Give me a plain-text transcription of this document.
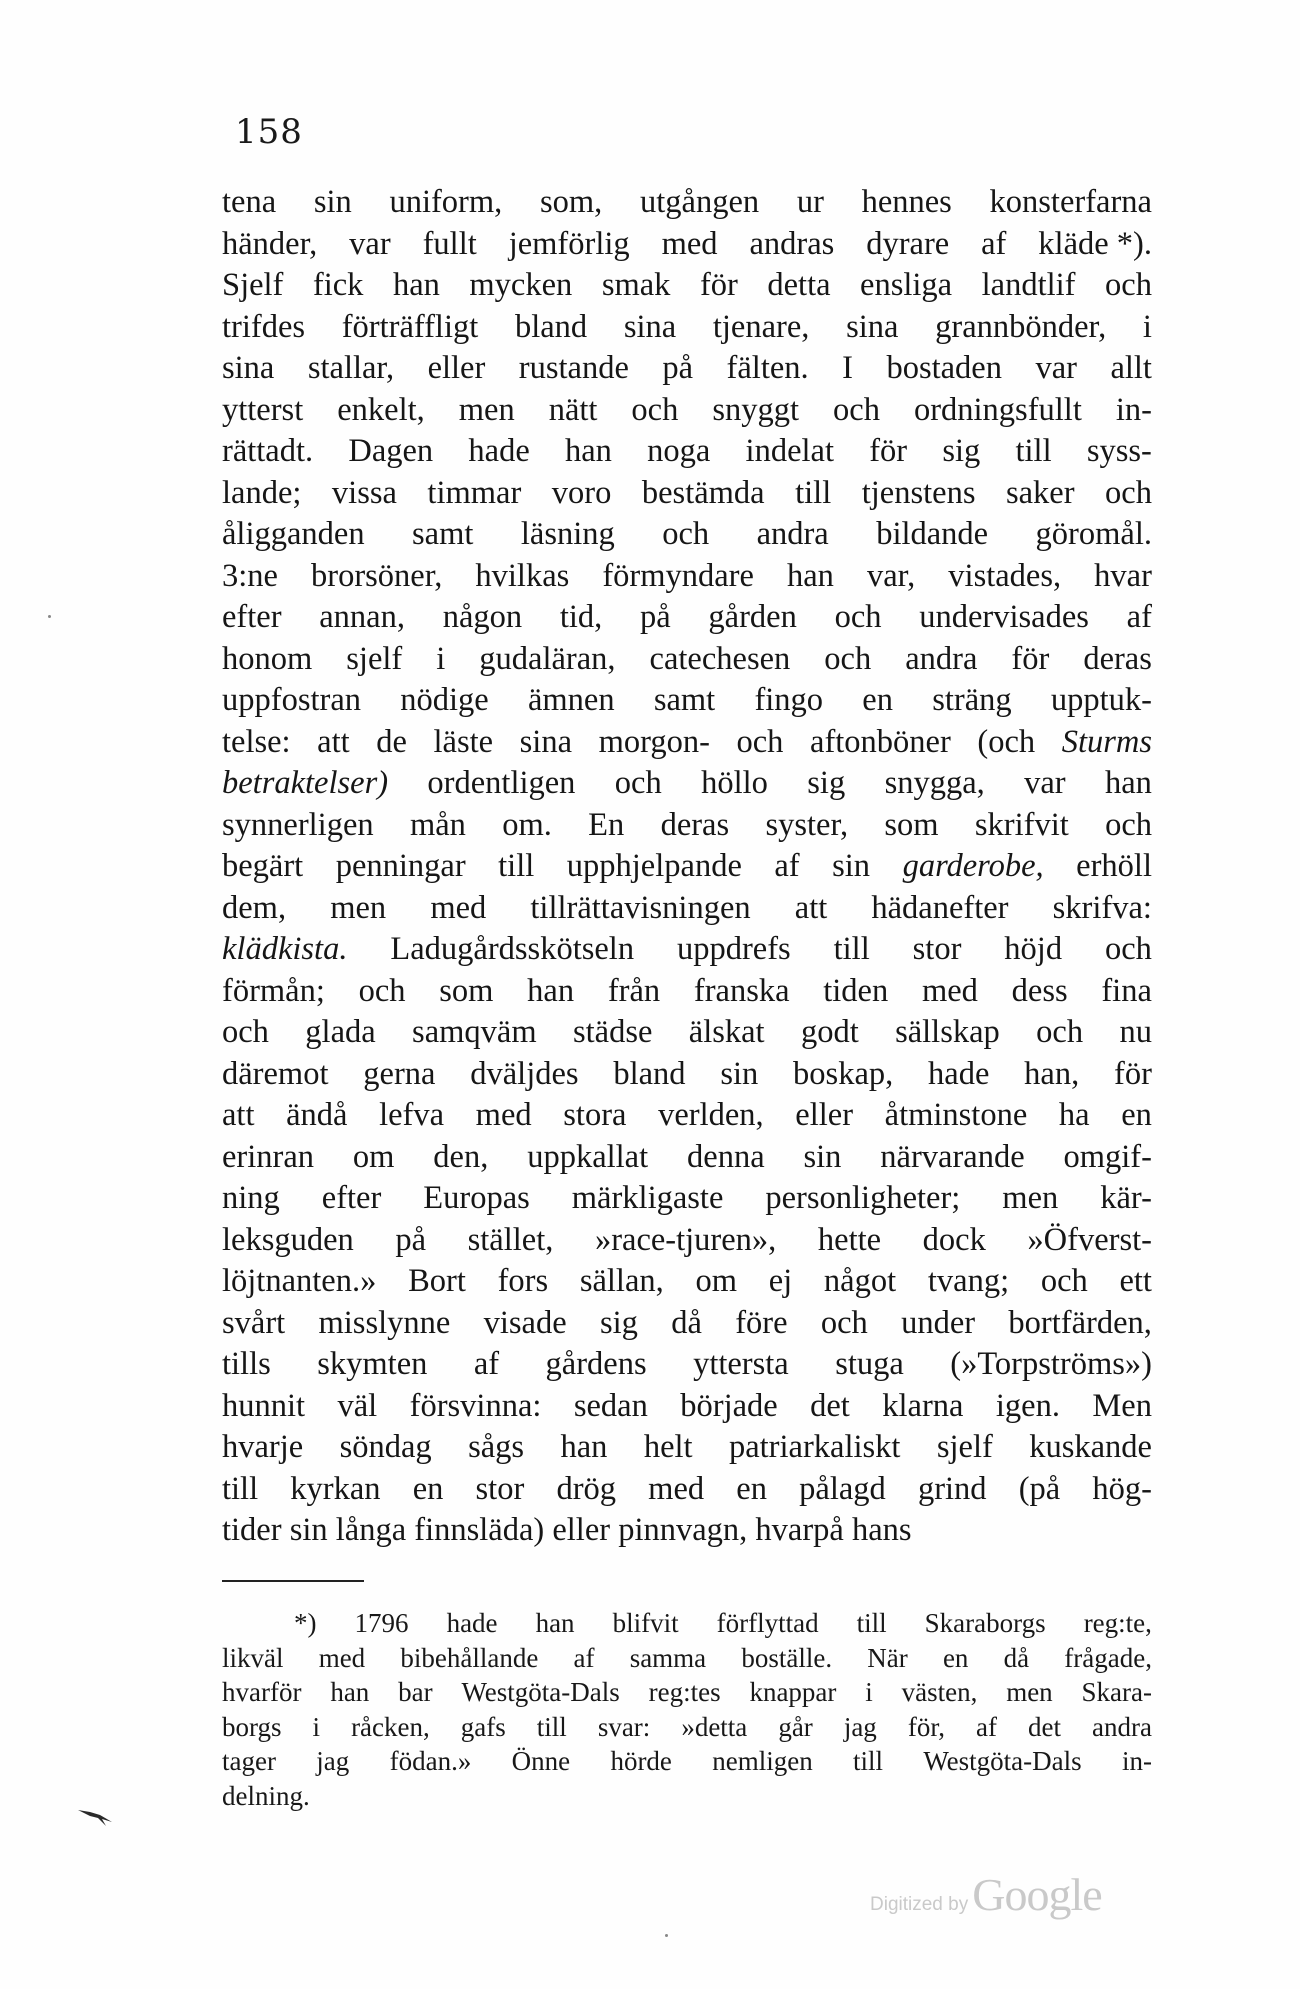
158
tena sin uniform, som, utgången ur hennes konsterfarna
händer, var fullt jemförlig med andras dyrare af kläde *).
Sjelf fick han mycken smak för detta ensliga landtlif och
trifdes förträffligt bland sina tjenare, sina grannbönder, i
sina stallar, eller rustande på fälten. I bostaden var allt
ytterst enkelt, men nätt och snyggt och ordningsfullt in-
rättadt. Dagen hade han noga indelat för sig till syss-
lande; vissa timmar voro bestämda till tjenstens saker och
åligganden samt läsning och andra bildande göromål.
3:ne brorsöner, hvilkas förmyndare han var, vistades, hvar
efter annan, någon tid, på gården och undervisades af
honom sjelf i gudaläran, catechesen och andra för deras
uppfostran nödige ämnen samt fingo en sträng upptuk-
telse: att de läste sina morgon- och aftonböner (och Sturms
betraktelser) ordentligen och höllo sig snygga, var han
synnerligen mån om. En deras syster, som skrifvit och
begärt penningar till upphjelpande af sin garderobe, erhöll
dem, men med tillrättavisningen att hädanefter skrifva:
klädkista. Ladugårdsskötseln uppdrefs till stor höjd och
förmån; och som han från franska tiden med dess fina
och glada samqväm städse älskat godt sällskap och nu
däremot gerna dväljdes bland sin boskap, hade han, för
att ändå lefva med stora verlden, eller åtminstone ha en
erinran om den, uppkallat denna sin närvarande omgif-
ning efter Europas märkligaste personligheter; men kär-
leksguden på stället, »race-tjuren», hette dock »Öfverst-
löjtnanten.» Bort fors sällan, om ej något tvang; och ett
svårt misslynne visade sig då före och under bortfärden,
tills skymten af gårdens yttersta stuga (»Torpströms»)
hunnit väl försvinna: sedan började det klarna igen. Men
hvarje söndag sågs han helt patriarkaliskt sjelf kuskande
till kyrkan en stor drög med en pålagd grind (på hög-
tider
sin
långa
finnsläda)
eller
pinnvagn,
hvarpå
hans
*) 1796 hade han blifvit förflyttad till Skaraborgs reg:te,
likväl med bibehållande af samma boställe. När en då frågade,
hvarför han bar Westgöta-Dals reg:tes knappar i västen, men Skara-
borgs i råcken, gafs till svar: »detta går jag för, af det andra
tager jag födan.» Önne hörde nemligen till Westgöta-Dals in-
delning.
Digitized by Google
